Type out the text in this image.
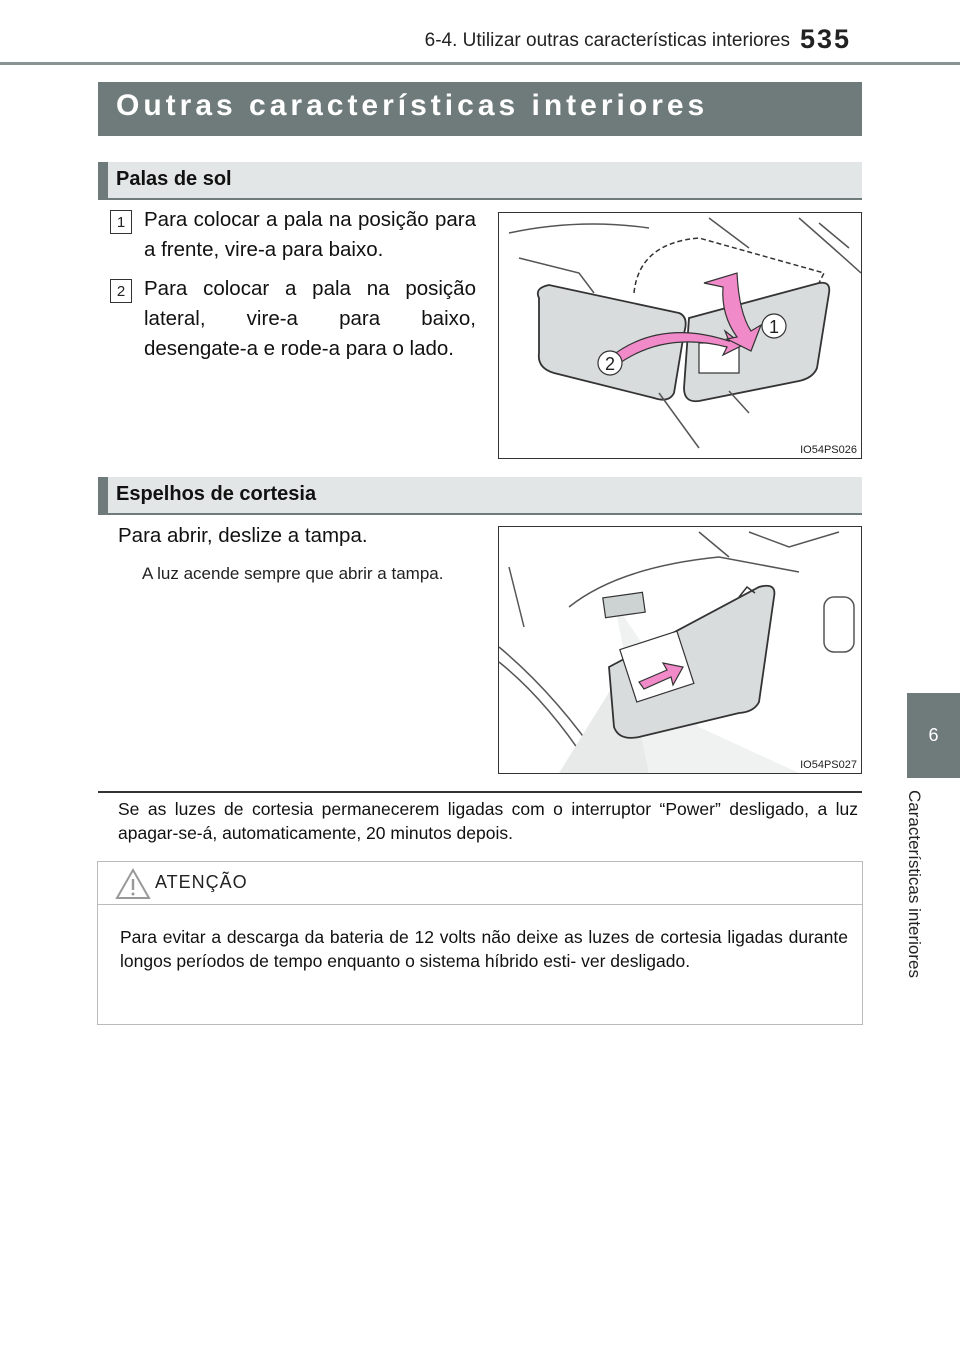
6-4. Utilizar outras características interiores 535
6
Características interiores
Outras características interiores
Palas de sol
1 Para colocar a pala na posição para a frente, vire-a para baixo.
2 Para colocar a pala na posição lateral, vire-a para baixo, desengate-a e rode-a para o lado.
1
2
IO54PS026
Espelhos de cortesia
Para abrir, deslize a tampa.
A luz acende sempre que abrir a tampa.
IO54PS027
Se as luzes de cortesia permanecerem ligadas com o interruptor “Power” desligado, a luz apagar-se-á, automaticamente, 20 minutos depois.
ATENÇÃO
Para evitar a descarga da bateria de 12 volts não deixe as luzes de cortesia ligadas durante longos períodos de tempo enquanto o sistema híbrido esti- ver desligado.
